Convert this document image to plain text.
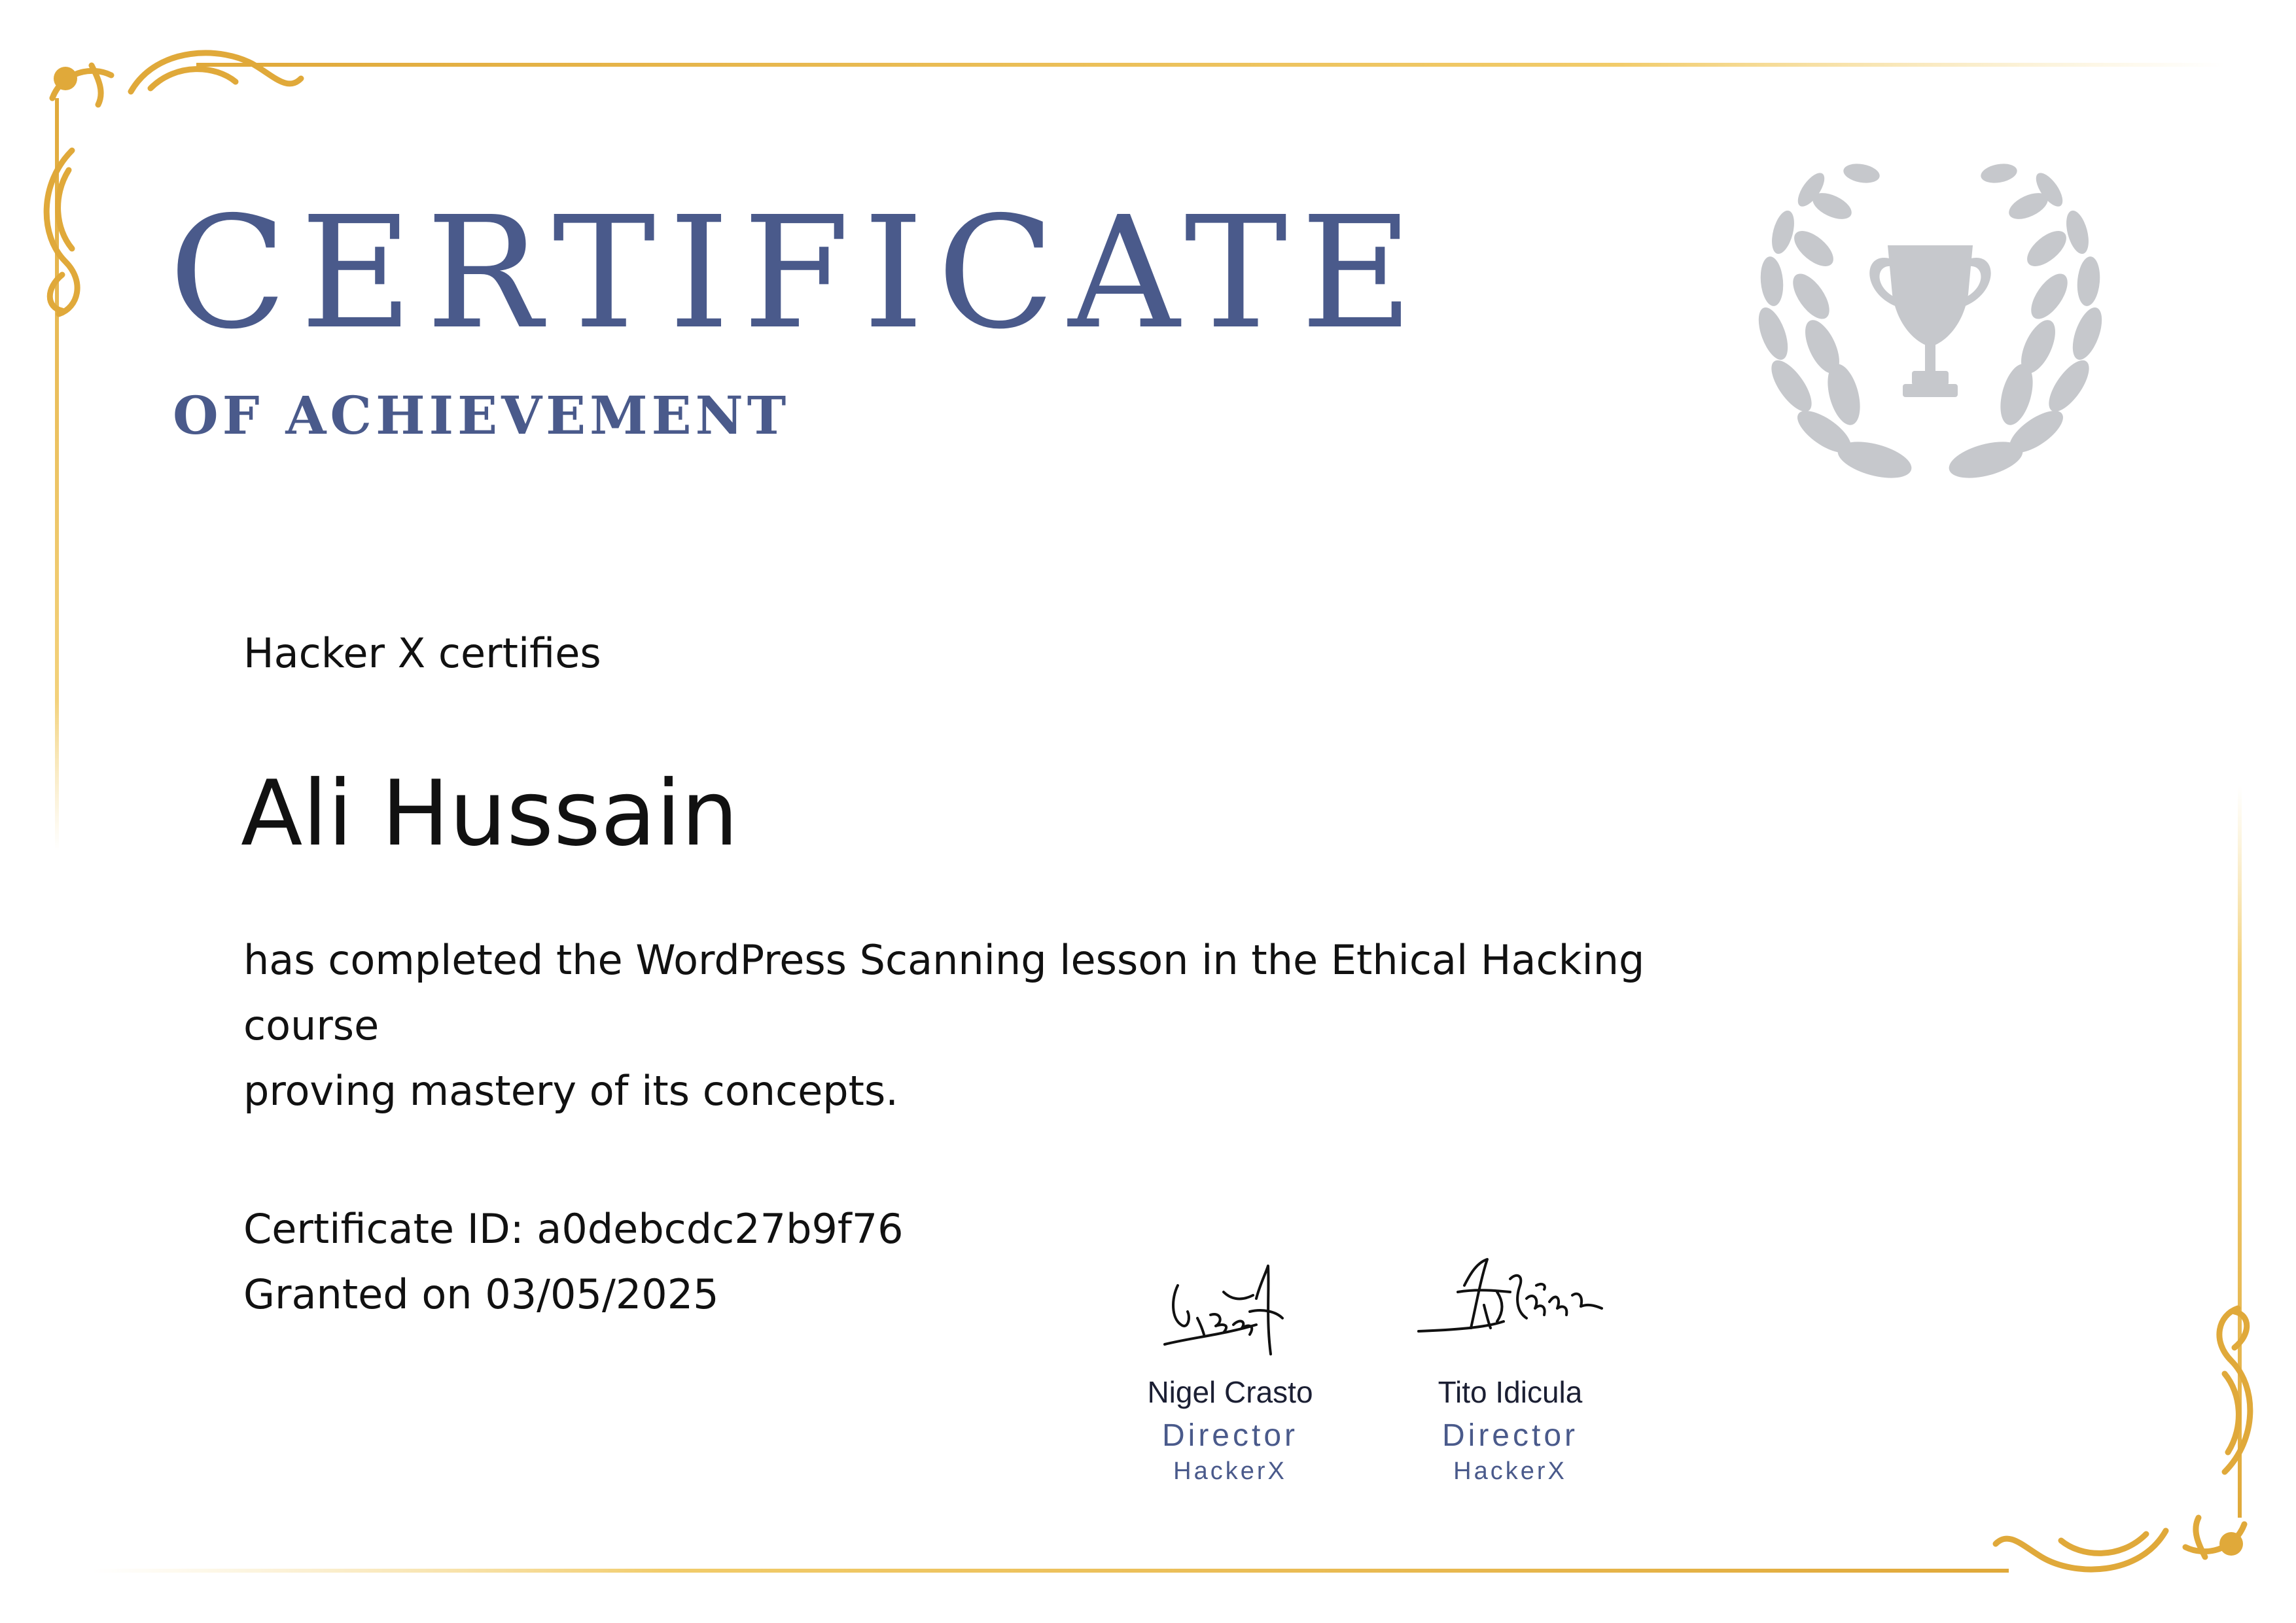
CERTIFICATE
OF ACHIEVEMENT
Hacker X certifies
Ali Hussain
has completed the WordPress Scanning lesson in the Ethical Hacking course
proving mastery of its concepts.
Certificate ID: a0debcdc27b9f76
Granted on 03/05/2025
Nigel Crasto
Director
HackerX
Tito Idicula
Director
HackerX
